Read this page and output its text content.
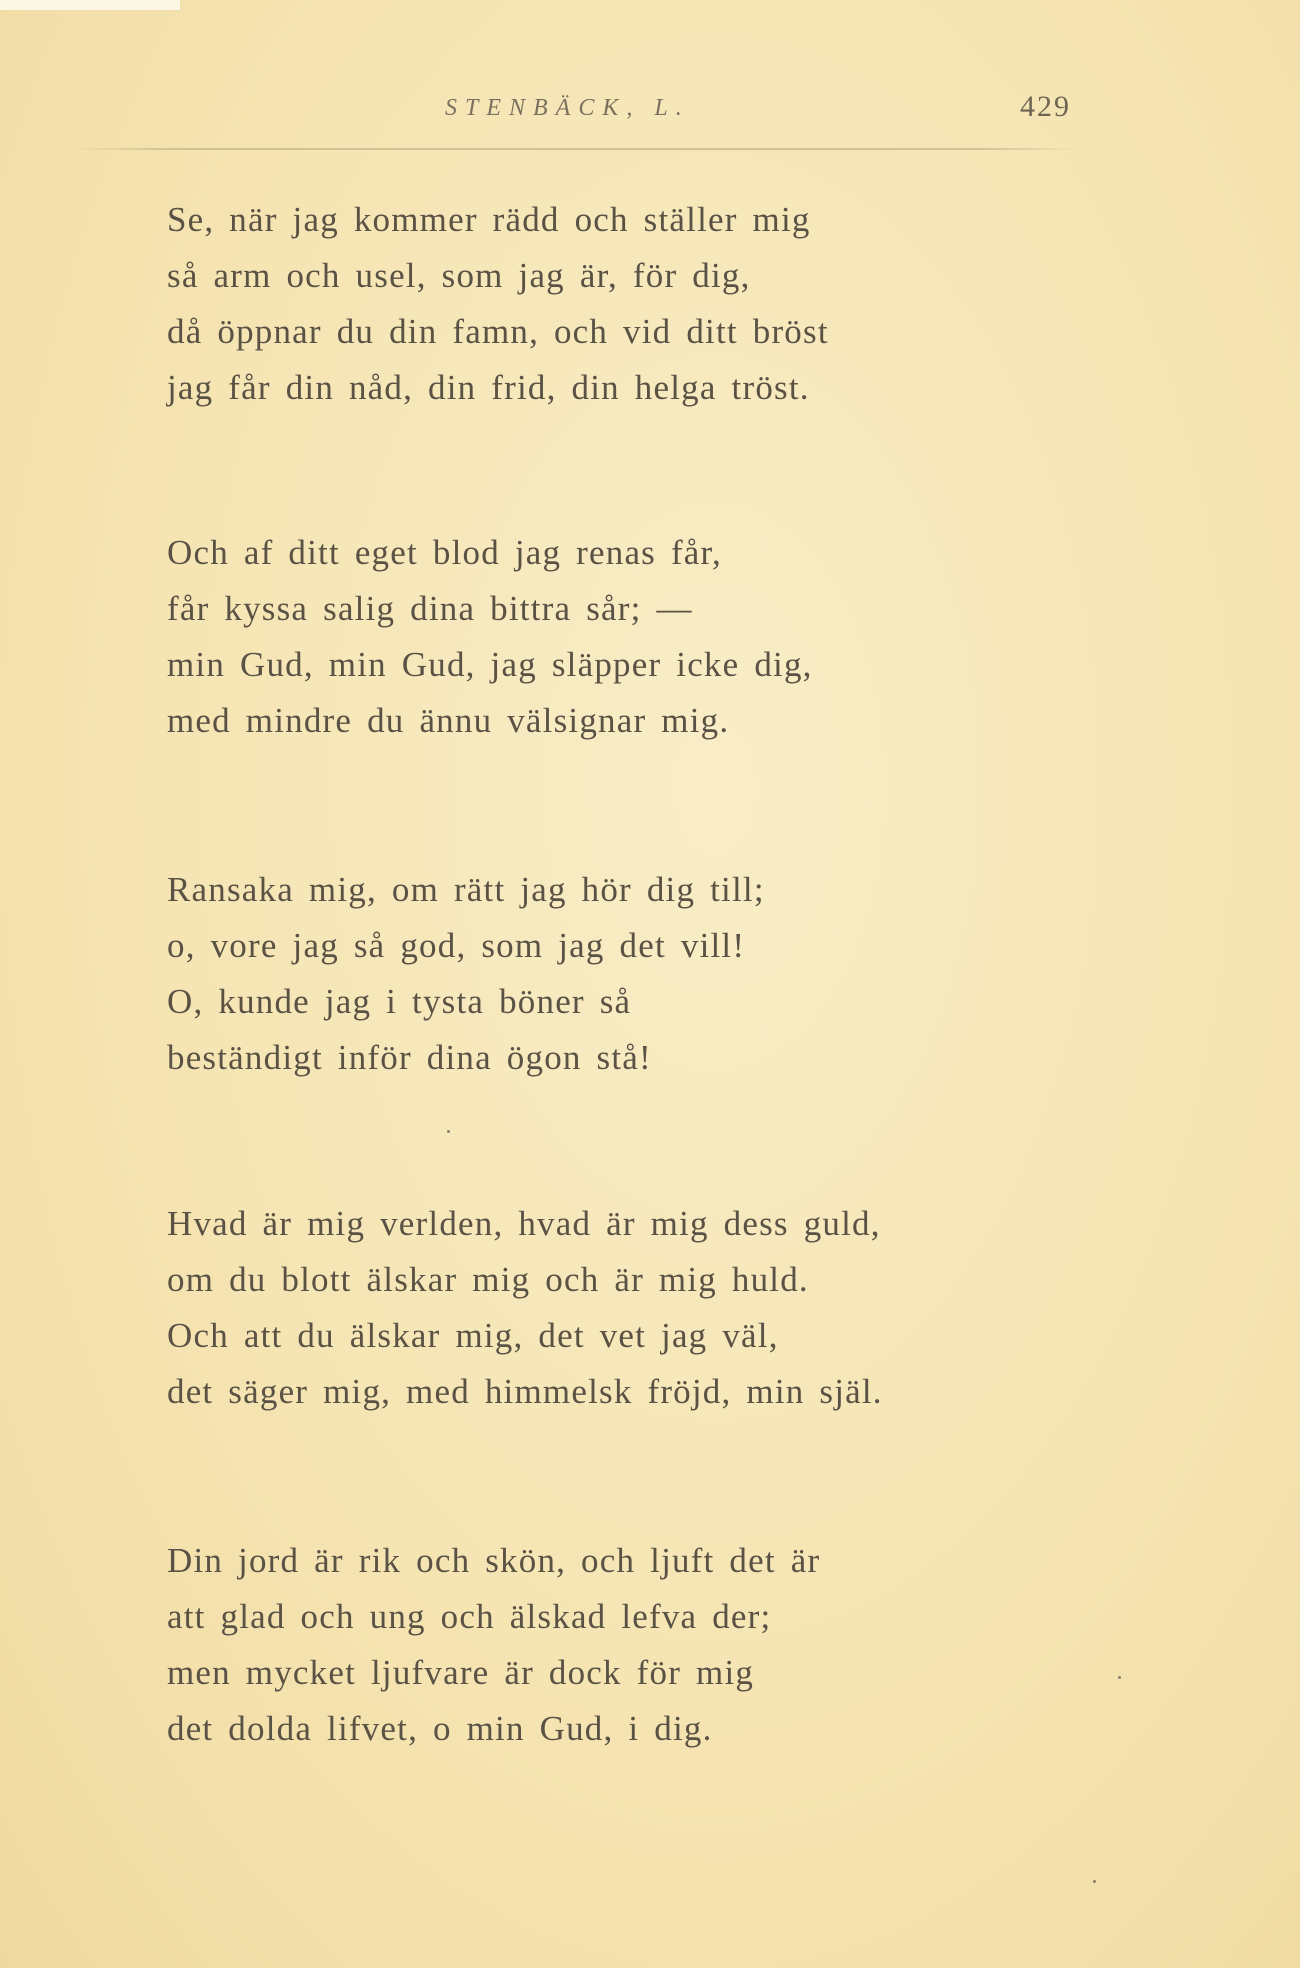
STENBÄCK, L.	429
Se, när jag kommer rädd och ställer mig
så arm och usel, som jag är, för dig,
då öppnar du din famn, och vid ditt bröst
jag får din nåd, din frid, din helga tröst.
Och af ditt eget blod jag renas får,
får kyssa salig dina bittra sår; —
min Gud, min Gud, jag släpper icke dig,
med mindre du ännu välsignar mig.
Ransaka mig, om rätt jag hör dig till;
o, vore jag så god, som jag det vill!
O, kunde jag i tysta böner så
beständigt inför dina ögon stå!
Hvad är mig verlden, hvad är mig dess guld,
om du blott älskar mig och är mig huld.
Och att du älskar mig, det vet jag väl,
det säger mig, med himmelsk fröjd, min själ.
Din jord är rik och skön, och ljuft det är
att glad och ung och älskad lefva der;
men mycket ljufvare är dock för mig
det dolda lifvet, o min Gud, i dig.
